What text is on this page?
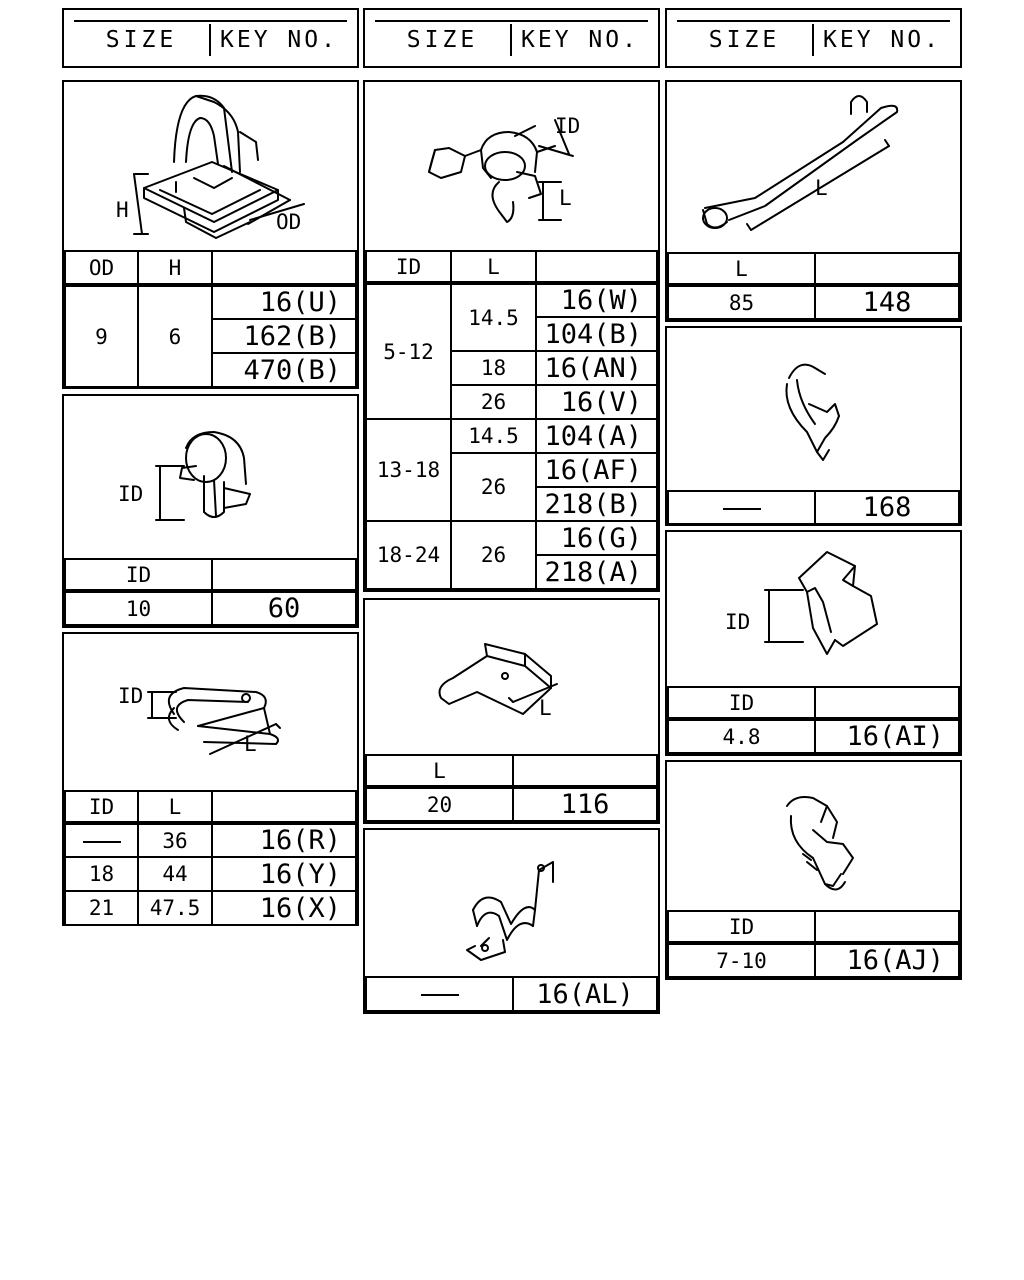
SIZE	KEY NO.
H	OD
OD	H	
9	6	16(U)
		162(B)
		470(B)
ID
ID	
10	60
ID
L
ID	L	
	36	16(R)
18	44	16(Y)
21	47.5	16(X)
SIZE	KEY NO.
ID
L
ID	L	
5-12	14.5	16(W)
		104(B)
	18	16(AN)
	26	16(V)
13-18	14.5	104(A)
	26	16(AF)
		218(B)
18-24	26	16(G)
		218(A)
L
L	
20	116
	16(AL)
SIZE	KEY NO.
L
L	
85	148
	168
ID
ID	
4.8	16(AI)
ID	
7-10	16(AJ)
